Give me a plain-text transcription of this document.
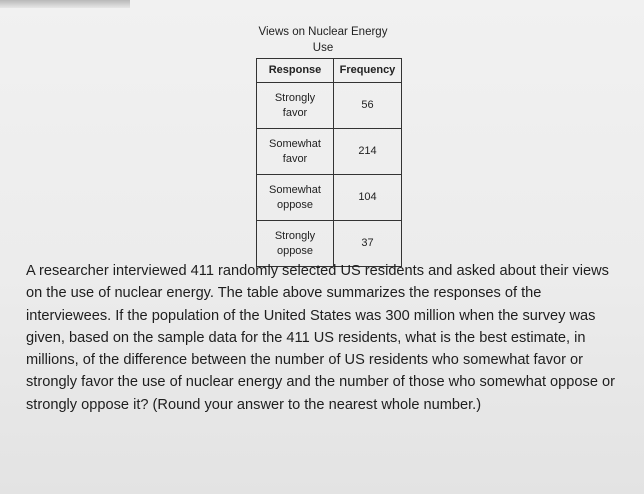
Views on Nuclear Energy
Use
Response	Frequency

Strongly
favor	56

Somewhat
favor	214

Somewhat
oppose	104

Strongly
oppose	37

A researcher interviewed 411 randomly selected US residents and asked about their views on the use of nuclear energy. The table above summarizes the responses of the interviewees. If the population of the United States was 300 million when the survey was given, based on the sample data for the 411 US residents, what is the best estimate, in millions, of the difference between the number of US residents who somewhat favor or strongly favor the use of nuclear energy and the number of those who somewhat oppose or strongly oppose it? (Round your answer to the nearest whole number.)
